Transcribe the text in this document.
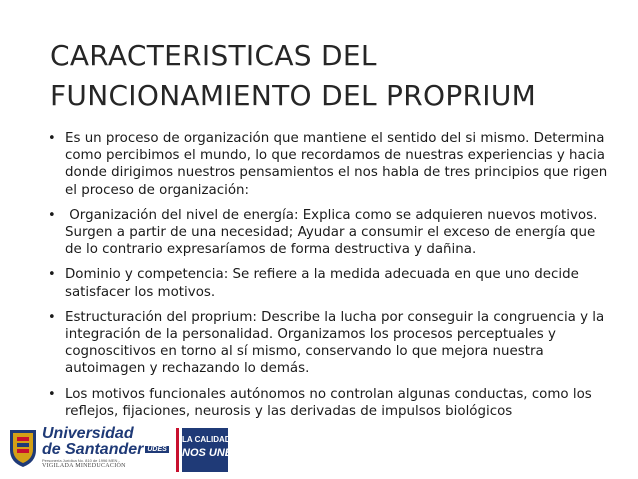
CARACTERISTICAS DEL
FUNCIONAMIENTO DEL PROPRIUM
• Es un proceso de organización que mantiene el sentido del si mismo. Determina como percibimos el mundo, lo que recordamos de nuestras experiencias y hacia donde dirigimos nuestros pensamientos el nos habla de tres principios que rigen el proceso de organización:
• Organización del nivel de energía: Explica como se adquieren nuevos motivos. Surgen a partir de una necesidad; Ayudar a consumir el exceso de energía que de lo contrario expresaríamos de forma destructiva y dañina.
• Dominio y competencia: Se refiere a la medida adecuada en que uno decide satisfacer los motivos.
• Estructuración del proprium: Describe la lucha por conseguir la congruencia y la integración de la personalidad. Organizamos los procesos perceptuales y cognoscitivos en torno al sí mismo, conservando lo que mejora nuestra autoimagen y rechazando lo demás.
• Los motivos funcionales autónomos no controlan algunas conductas, como los reflejos, fijaciones, neurosis y las derivadas de impulsos biológicos
Universidad
de Santander UDES
Personería Jurídica No. 810 de 1996 MEN
VIGILADA MINEDUCACIÓN
LA CALIDAD
NOS UNE
